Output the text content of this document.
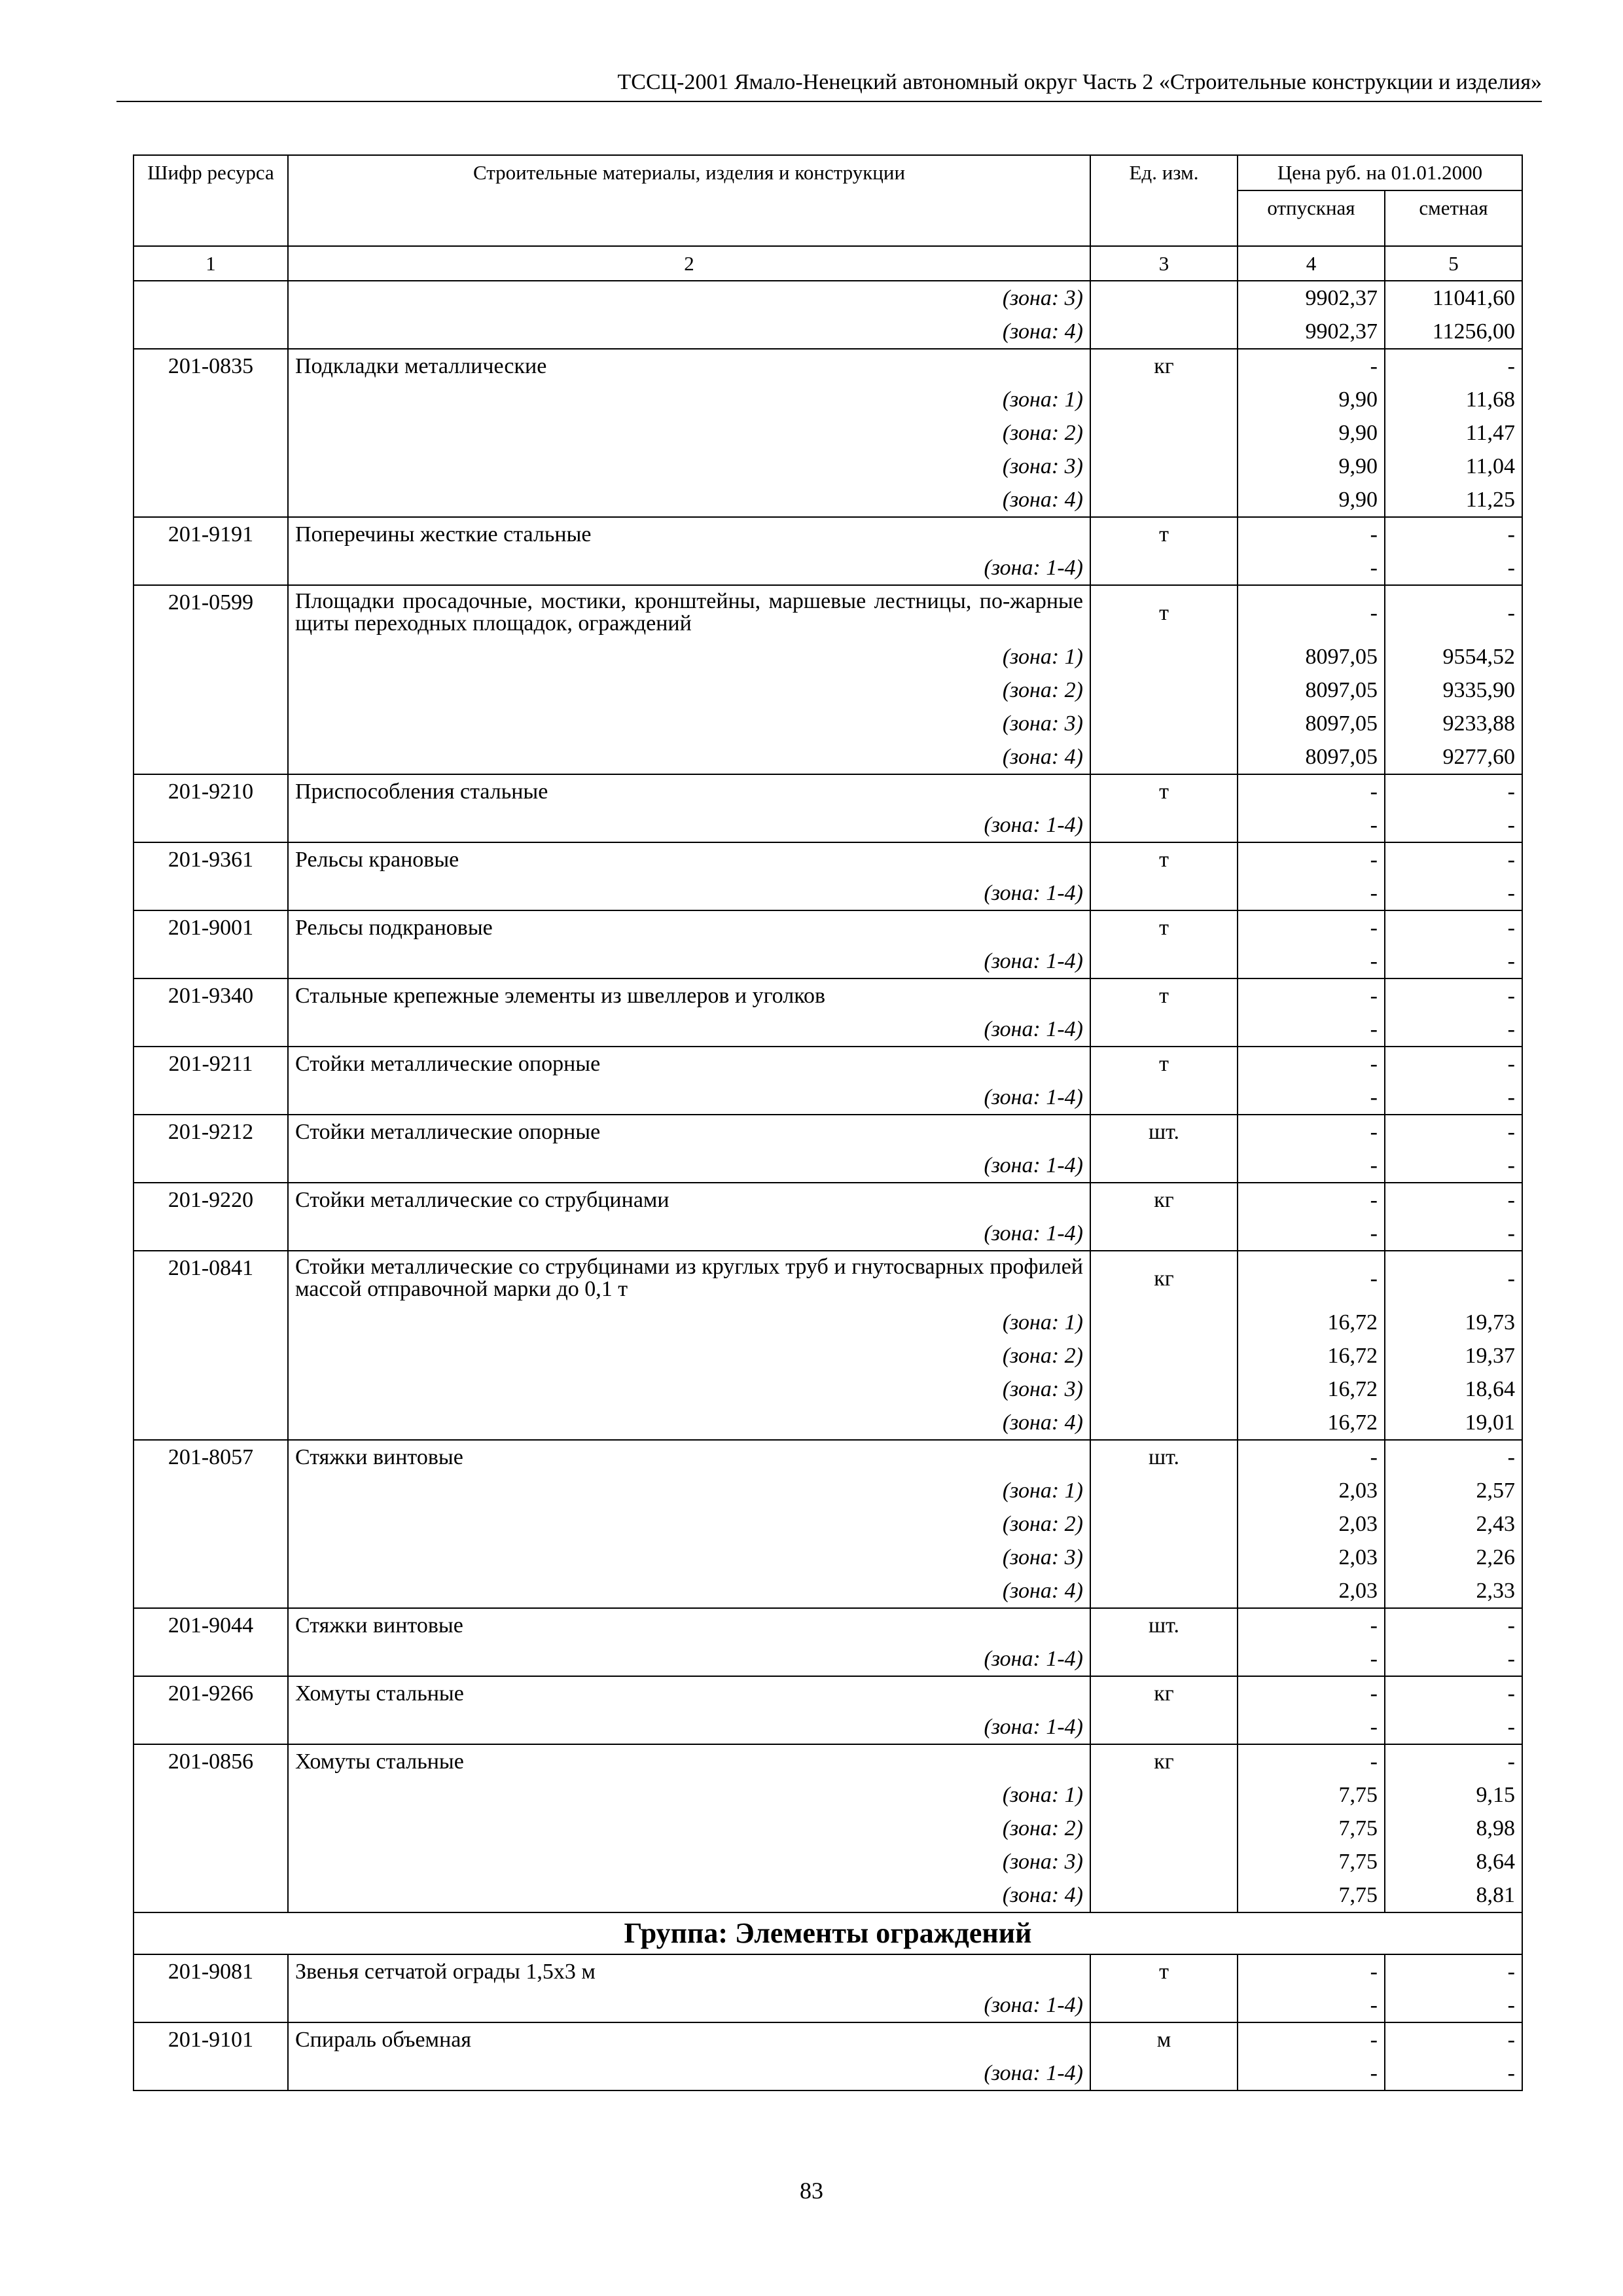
ТССЦ-2001 Ямало-Ненецкий автономный округ Часть 2 «Строительные конструкции и изделия»
Шифр ресурса	Строительные материалы, изделия и конструкции	Ед. изм.	Цена руб. на 01.01.2000	
			отпускная	сметная
1	2	3	4	5
	(зона: 3)		9902,37	11041,60
	(зона: 4)		9902,37	11256,00
201-0835	Подкладки металлические	кг	-	-
	(зона: 1)		9,90	11,68
	(зона: 2)		9,90	11,47
	(зона: 3)		9,90	11,04
	(зона: 4)		9,90	11,25
201-9191	Поперечины жесткие стальные	т	-	-
	(зона: 1-4)		-	-
201-0599	Площадки просадочные, мостики, кронштейны, маршевые лестницы, по-жарные щиты переходных площадок, ограждений	т	-	-
	(зона: 1)		8097,05	9554,52
	(зона: 2)		8097,05	9335,90
	(зона: 3)		8097,05	9233,88
	(зона: 4)		8097,05	9277,60
201-9210	Приспособления стальные	т	-	-
	(зона: 1-4)		-	-
201-9361	Рельсы крановые	т	-	-
	(зона: 1-4)		-	-
201-9001	Рельсы подкрановые	т	-	-
	(зона: 1-4)		-	-
201-9340	Стальные крепежные элементы из швеллеров и уголков	т	-	-
	(зона: 1-4)		-	-
201-9211	Стойки металлические опорные	т	-	-
	(зона: 1-4)		-	-
201-9212	Стойки металлические опорные	шт.	-	-
	(зона: 1-4)		-	-
201-9220	Стойки металлические со струбцинами	кг	-	-
	(зона: 1-4)		-	-
201-0841	Стойки металлические со струбцинами из круглых труб и гнутосварных профилей массой отправочной марки до 0,1 т	кг	-	-
	(зона: 1)		16,72	19,73
	(зона: 2)		16,72	19,37
	(зона: 3)		16,72	18,64
	(зона: 4)		16,72	19,01
201-8057	Стяжки винтовые	шт.	-	-
	(зона: 1)		2,03	2,57
	(зона: 2)		2,03	2,43
	(зона: 3)		2,03	2,26
	(зона: 4)		2,03	2,33
201-9044	Стяжки винтовые	шт.	-	-
	(зона: 1-4)		-	-
201-9266	Хомуты стальные	кг	-	-
	(зона: 1-4)		-	-
201-0856	Хомуты стальные	кг	-	-
	(зона: 1)		7,75	9,15
	(зона: 2)		7,75	8,98
	(зона: 3)		7,75	8,64
	(зона: 4)		7,75	8,81
Группа: Элементы ограждений				
201-9081	Звенья сетчатой ограды 1,5х3 м	т	-	-
	(зона: 1-4)		-	-
201-9101	Спираль объемная	м	-	-
	(зона: 1-4)		-	-
83
